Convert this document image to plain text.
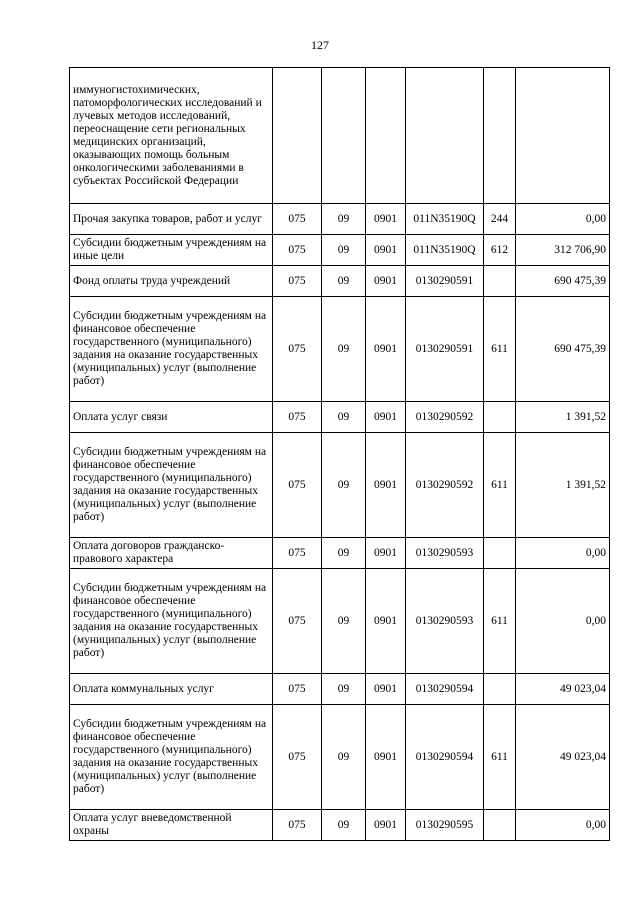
127
иммуногистохимических, патоморфологических исследований и лучевых методов исследований, переоснащение сети региональных медицинских организаций, оказывающих помощь больным онкологическими заболеваниями в субъектах Российской Федерации						
Прочая закупка товаров, работ и услуг	075	09	0901	011N35190Q	244	0,00
Субсидии бюджетным учреждениям на иные цели	075	09	0901	011N35190Q	612	312 706,90
Фонд оплаты труда учреждений	075	09	0901	0130290591		690 475,39
Субсидии бюджетным учреждениям на финансовое обеспечение государственного (муниципального) задания на оказание государственных (муниципальных) услуг (выполнение работ)	075	09	0901	0130290591	611	690 475,39
Оплата услуг связи	075	09	0901	0130290592		1 391,52
Субсидии бюджетным учреждениям на финансовое обеспечение государственного (муниципального) задания на оказание государственных (муниципальных) услуг (выполнение работ)	075	09	0901	0130290592	611	1 391,52
Оплата договоров гражданско-правового характера	075	09	0901	0130290593		0,00
Субсидии бюджетным учреждениям на финансовое обеспечение государственного (муниципального) задания на оказание государственных (муниципальных) услуг (выполнение работ)	075	09	0901	0130290593	611	0,00
Оплата коммунальных услуг	075	09	0901	0130290594		49 023,04
Субсидии бюджетным учреждениям на финансовое обеспечение государственного (муниципального) задания на оказание государственных (муниципальных) услуг (выполнение работ)	075	09	0901	0130290594	611	49 023,04
Оплата услуг вневедомственной охраны	075	09	0901	0130290595		0,00
